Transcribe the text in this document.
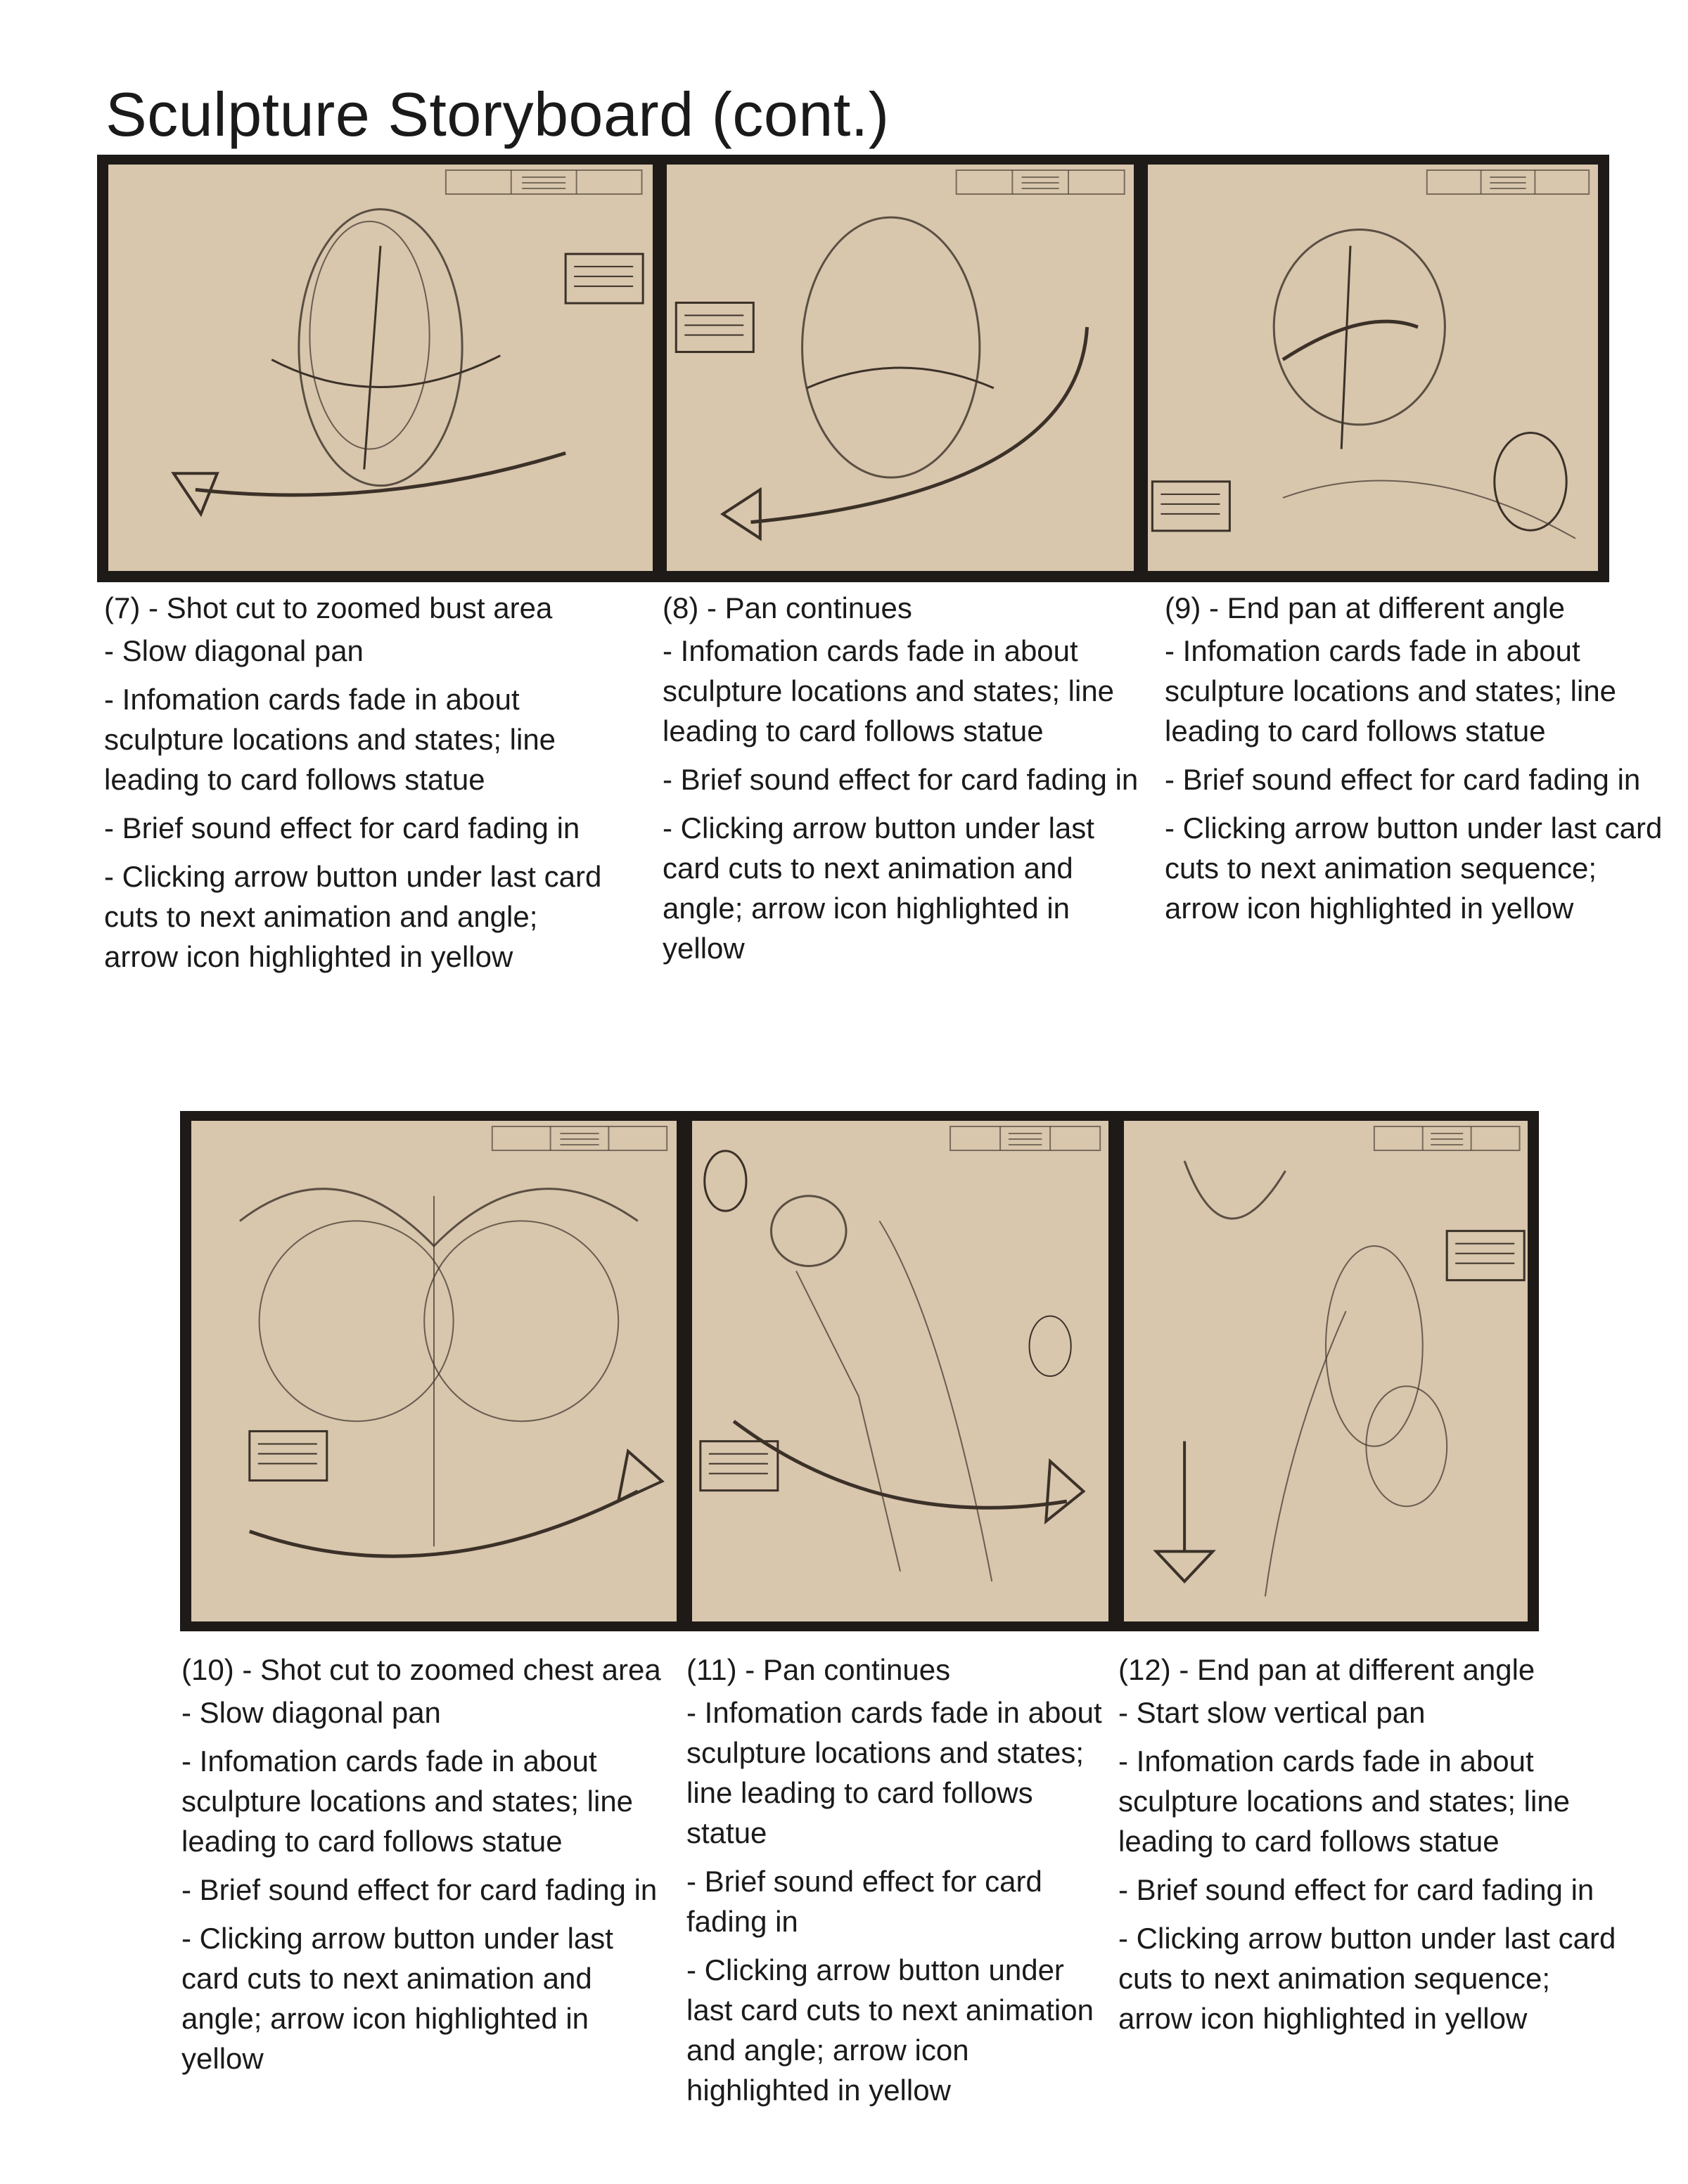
Sculpture Storyboard (cont.)
(7) - Shot cut to zoomed bust area
- Slow diagonal pan
- Infomation cards fade in about sculpture locations and states; line leading to card follows statue
- Brief sound effect for card fading in
- Clicking arrow button under last card cuts to next animation and angle; arrow icon highlighted in yellow
(8) - Pan continues
- Infomation cards fade in about sculpture locations and states; line leading to card follows statue
- Brief sound effect for card fading in
- Clicking arrow button under last card cuts to next animation and angle; arrow icon highlighted in yellow
(9) - End pan at different angle
- Infomation cards fade in about sculpture locations and states; line leading to card follows statue
- Brief sound effect for card fading in
- Clicking arrow button under last card cuts to next animation sequence; arrow icon highlighted in yellow
(10) - Shot cut to zoomed chest area
- Slow diagonal pan
- Infomation cards fade in about sculpture locations and states; line leading to card follows statue
- Brief sound effect for card fading in
- Clicking arrow button under last card cuts to next animation and angle; arrow icon highlighted in yellow
(11) - Pan continues
- Infomation cards fade in about sculpture locations and states; line leading to card follows statue
- Brief sound effect for card fading in
- Clicking arrow button under last card cuts to next animation and angle; arrow icon highlighted in yellow
(12) - End pan at different angle
- Start slow vertical pan
- Infomation cards fade in about sculpture locations and states; line leading to card follows statue
- Brief sound effect for card fading in
- Clicking arrow button under last card cuts to next animation sequence; arrow icon highlighted in yellow
